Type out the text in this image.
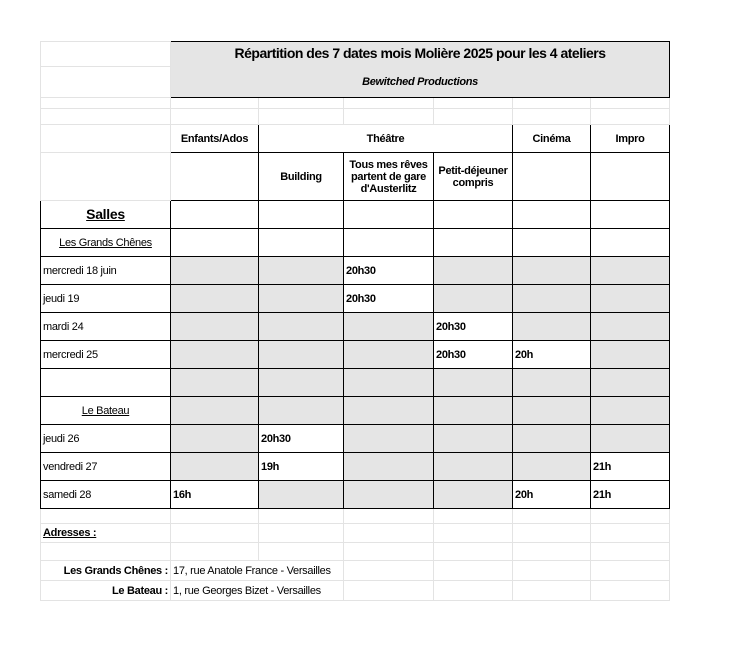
	Répartition des 7 dates mois Molière 2025 pour les 4 ateliers					
	Bewitched Productions					

	Enfants/Ados	Théâtre			Cinéma	Impro
		Building	Tous mes rêves partent de gare d'Austerlitz	Petit-déjeuner compris		
Salles						
Les Grands Chênes						
mercredi 18 juin			20h30			
jeudi 19			20h30			
mardi 24				20h30		
mercredi 25				20h30	20h	

Le Bateau						
jeudi 26		20h30				
vendredi 27		19h				21h
samedi 28	16h				20h	21h

Adresses :						

Les Grands Chênes :	17, rue Anatole France - Versailles					
Le Bateau :	1, rue Georges Bizet - Versailles					
